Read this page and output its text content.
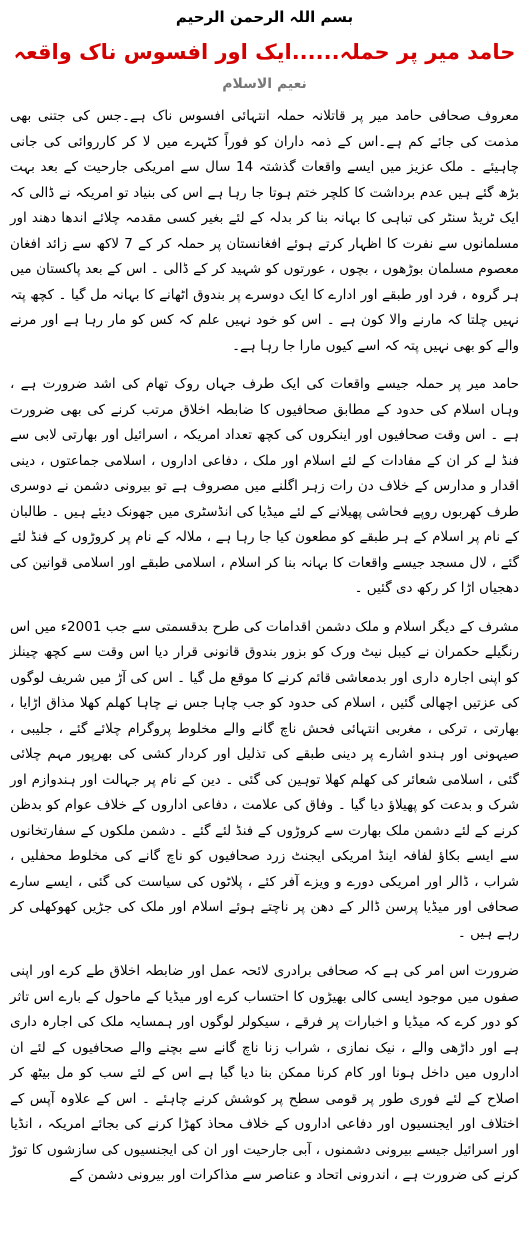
بسم اللہ الرحمن الرحیم
حامد میر پر حملہ......ایک اور افسوس ناک واقعہ
نعیم الاسلام

معروف صحافی حامد میر پر قاتلانہ حملہ انتہائی افسوس ناک ہے۔جس کی جتنی بھی مذمت کی جائے کم ہے۔اس کے ذمہ داران کو فوراً کٹہرے میں لا کر کارروائی کی جانی چاہیئے ۔ ملک عزیز میں ایسے واقعات گذشتہ 14 سال سے امریکی جارحیت کے بعد بہت بڑھ گئے ہیں عدم برداشت کا کلچر ختم ہوتا جا رہا ہے اس کی بنیاد تو امریکہ نے ڈالی کہ ایک ٹریڈ سنٹر کی تباہی کا بہانہ بنا کر بدلہ کے لئے بغیر کسی مقدمہ چلائے اندھا دھند اور مسلمانوں سے نفرت کا اظہار کرتے ہوئے افغانستان پر حملہ کر کے 7 لاکھ سے زائد افغان معصوم مسلمان بوڑھوں ، بچوں ، عورتوں کو شہید کر کے ڈالی ۔ اس کے بعد پاکستان میں ہر گروہ ، فرد اور طبقے اور ادارے کا ایک دوسرے پر بندوق اٹھانے کا بہانہ مل گیا ۔ کچھ پتہ نہیں چلتا کہ مارنے والا کون ہے ۔ اس کو خود نہیں علم کہ کس کو مار رہا ہے اور مرنے والے کو بھی نہیں پتہ کہ اسے کیوں مارا جا رہا ہے۔

حامد میر پر حملہ جیسے واقعات کی ایک طرف جہاں روک تھام کی اشد ضرورت ہے ، وہاں اسلام کی حدود کے مطابق صحافیوں کا ضابطہ اخلاق مرتب کرنے کی بھی ضرورت ہے ۔ اس وقت صحافیوں اور اینکروں کی کچھ تعداد امریکہ ، اسرائیل اور بھارتی لابی سے فنڈ لے کر ان کے مفادات کے لئے اسلام اور ملک ، دفاعی اداروں ، اسلامی جماعتوں ، دینی اقدار و مدارس کے خلاف دن رات زہر اگلنے میں مصروف ہے تو بیرونی دشمن نے دوسری طرف کھربوں روپے فحاشی پھیلانے کے لئے میڈیا کی انڈسٹری میں جھونک دیئے ہیں ۔ طالبان کے نام پر اسلام کے ہر طبقے کو مطعون کیا جا رہا ہے ، ملالہ کے نام پر کروڑوں کے فنڈ لئے گئے ، لال مسجد جیسے واقعات کا بہانہ بنا کر اسلام ، اسلامی طبقے اور اسلامی قوانین کی دھجیاں اڑا کر رکھ دی گئیں ۔

مشرف کے دیگر اسلام و ملک دشمن اقدامات کی طرح بدقسمتی سے جب 2001ء میں اس رنگیلے حکمران نے کیبل نیٹ ورک کو بزور بندوق قانونی قرار دیا اس وقت سے کچھ چینلز کو اپنی اجارہ داری اور بدمعاشی قائم کرنے کا موقع مل گیا ۔ اس کی آڑ میں شریف لوگوں کی عزتیں اچھالی گئیں ، اسلام کی حدود کو جب چاہا جس نے چاہا کھلم کھلا مذاق اڑایا ، بھارتی ، ترکی ، مغربی انتہائی فحش ناچ گانے والے مخلوط پروگرام چلائے گئے ، جلیبی ، صیہونی اور ہندو اشارے پر دینی طبقے کی تذلیل اور کردار کشی کی بھرپور مہم چلائی گئی ، اسلامی شعائر کی کھلم کھلا توہین کی گئی ۔ دین کے نام پر جہالت اور ہندوازم اور شرک و بدعت کو پھیلاؤ دیا گیا ۔ وفاق کی علامت ، دفاعی اداروں کے خلاف عوام کو بدظن کرنے کے لئے دشمن ملک بھارت سے کروڑوں کے فنڈ لئے گئے ۔ دشمن ملکوں کے سفارتخانوں سے ایسے بکاؤ لفافہ اینڈ امریکی ایجنٹ زرد صحافیوں کو ناچ گانے کی مخلوط محفلیں ، شراب ، ڈالر اور امریکی دورے و ویزے آفر کئے ، پلاٹوں کی سیاست کی گئی ، ایسے سارے صحافی اور میڈیا پرسن ڈالر کے دھن پر ناچتے ہوئے اسلام اور ملک کی جڑیں کھوکھلی کر رہے ہیں ۔

ضرورت اس امر کی ہے کہ صحافی برادری لائحہ عمل اور ضابطہ اخلاق طے کرے اور اپنی صفوں میں موجود ایسی کالی بھیڑوں کا احتساب کرے اور میڈیا کے ماحول کے بارے اس تاثر کو دور کرے کہ میڈیا و اخبارات پر فرقے ، سیکولر لوگوں اور ہمسایہ ملک کی اجارہ داری ہے اور داڑھی والے ، نیک نمازی ، شراب زنا ناچ گانے سے بچنے والے صحافیوں کے لئے ان اداروں میں داخل ہونا اور کام کرنا ممکن بنا دیا گیا ہے اس کے لئے سب کو مل بیٹھ کر اصلاح کے لئے فوری طور پر قومی سطح پر کوشش کرنے چاہئے ۔ اس کے علاوہ آپس کے اختلاف اور ایجنسیوں اور دفاعی اداروں کے خلاف محاذ کھڑا کرنے کی بجائے امریکہ ، انڈیا اور اسرائیل جیسے بیرونی دشمنوں ، آبی جارحیت اور ان کی ایجنسیوں کی سازشوں کا توڑ کرنے کی ضرورت ہے ، اندرونی اتحاد و عناصر سے مذاکرات اور بیرونی دشمن کے
